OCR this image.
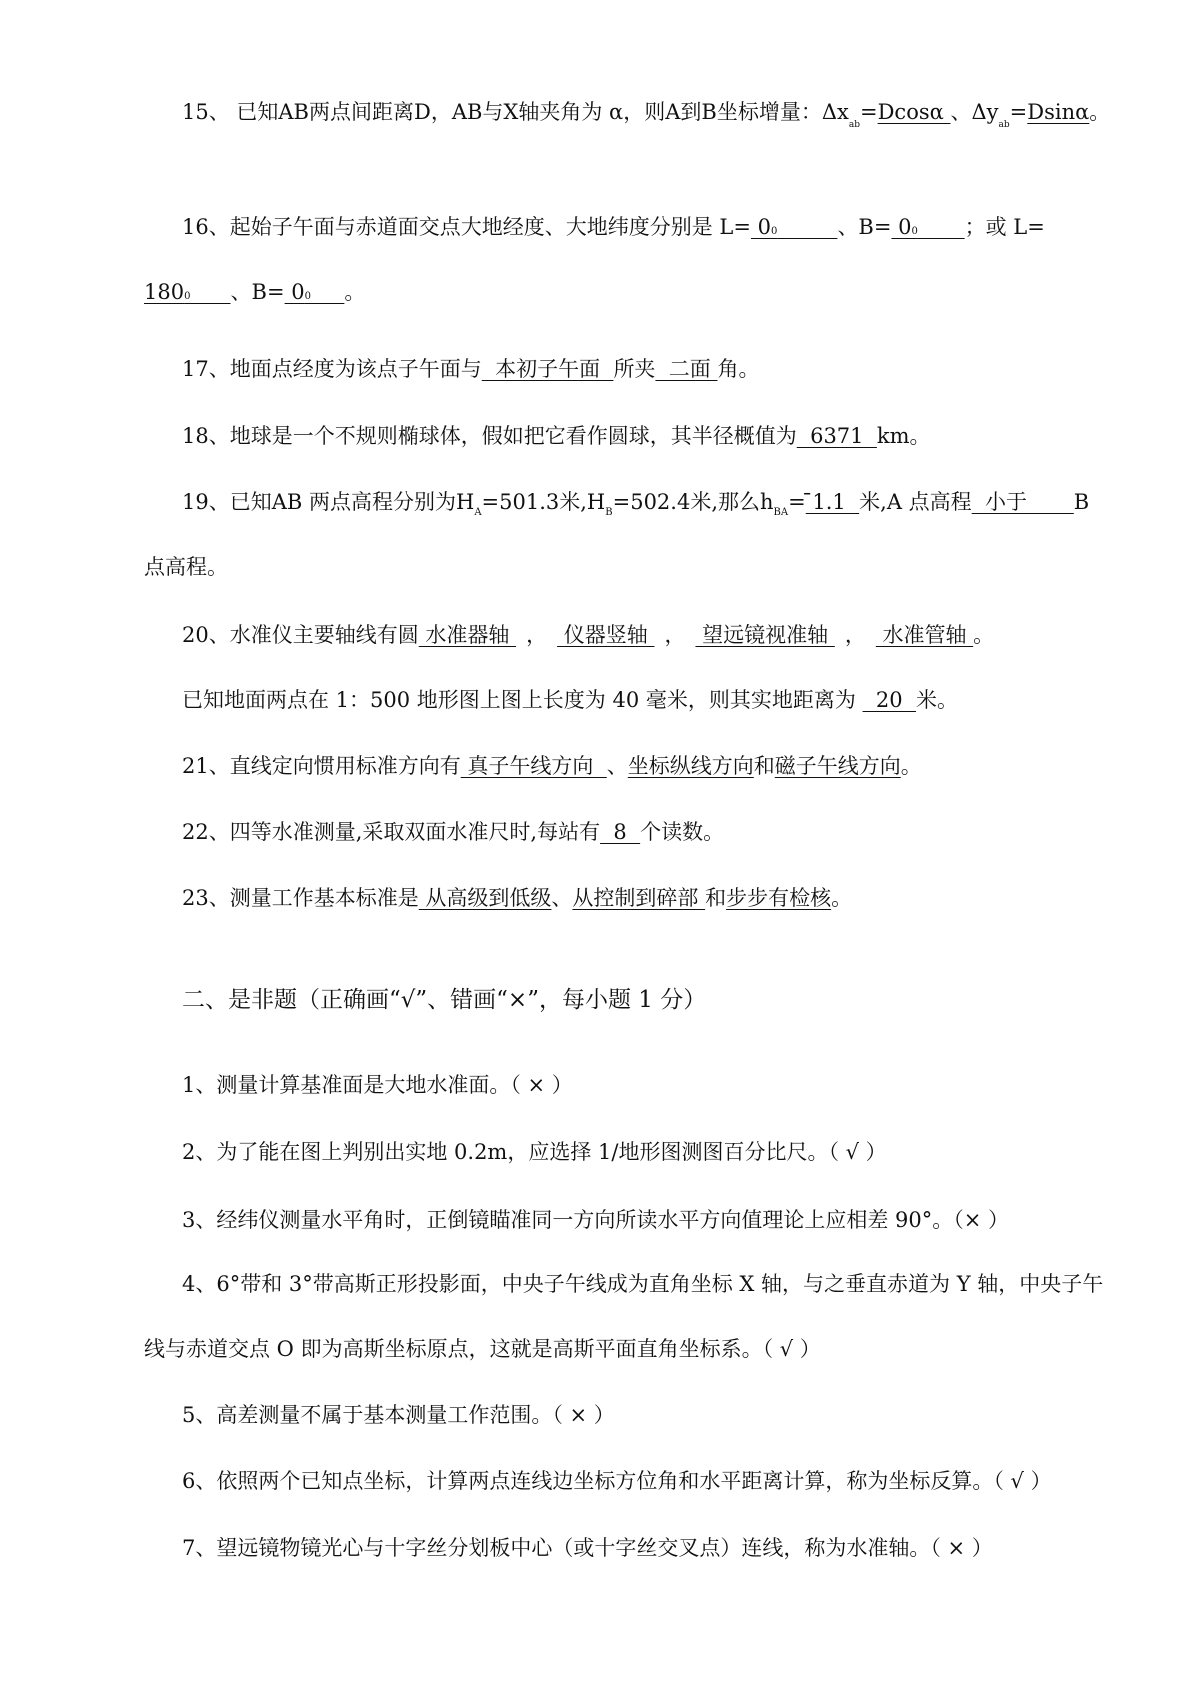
15、 已知AB两点间距离D，AB与X轴夹角为 α，则A到B坐标增量：$\Delta x_{ab}=Dcos\alpha$ 、$\Delta y_{ab}=Dsin\alpha$。
16、起始子午面与赤道面交点大地经度、大地纬度分别是 L= 00	、B= 00 ；或 L=
1800 、B= 00 。
17、地面点经度为该点子午面与  本初子午面  所夹  二面 角。
18、地球是一个不规则椭球体，假如把它看作圆球，其半径概值为  6371  km。
19、已知AB 两点高程分别为$H_A=501.3$米$,H_B=502.4$米,那么$h_{BA}=$ ̄1.1  米,A 点高程  小于       B
点高程。
20、水准仪主要轴线有圆 水准器轴 ， 仪器竖轴 ， 望远镜视准轴 ， 水准管轴 。
已知地面两点在 1：500 地形图上图上长度为 40 毫米，则其实地距离为   20  米。
21、直线定向惯用标准方向有 真子午线方向  、坐标纵线方向和磁子午线方向。
22、四等水准测量,采取双面水准尺时,每站有  8  个读数。
23、测量工作基本标准是 从高级到低级、从控制到碎部 和步步有检核。
二、是非题（正确画“√”、错画“×”，每小题 1 分）
1、测量计算基准面是大地水准面。（ × ）
2、为了能在图上判别出实地 0.2m，应选择 1/地形图测图百分比尺。（ √ ）
3、经纬仪测量水平角时，正倒镜瞄准同一方向所读水平方向值理论上应相差 90°。（× ）
4、6°带和 3°带高斯正形投影面，中央子午线成为直角坐标 X 轴，与之垂直赤道为 Y 轴，中央子午
线与赤道交点 O 即为高斯坐标原点，这就是高斯平面直角坐标系。（ √ ）
5、高差测量不属于基本测量工作范围。（ × ）
6、依照两个已知点坐标，计算两点连线边坐标方位角和水平距离计算，称为坐标反算。（ √ ）
7、望远镜物镜光心与十字丝分划板中心（或十字丝交叉点）连线，称为水准轴。（ × ）
